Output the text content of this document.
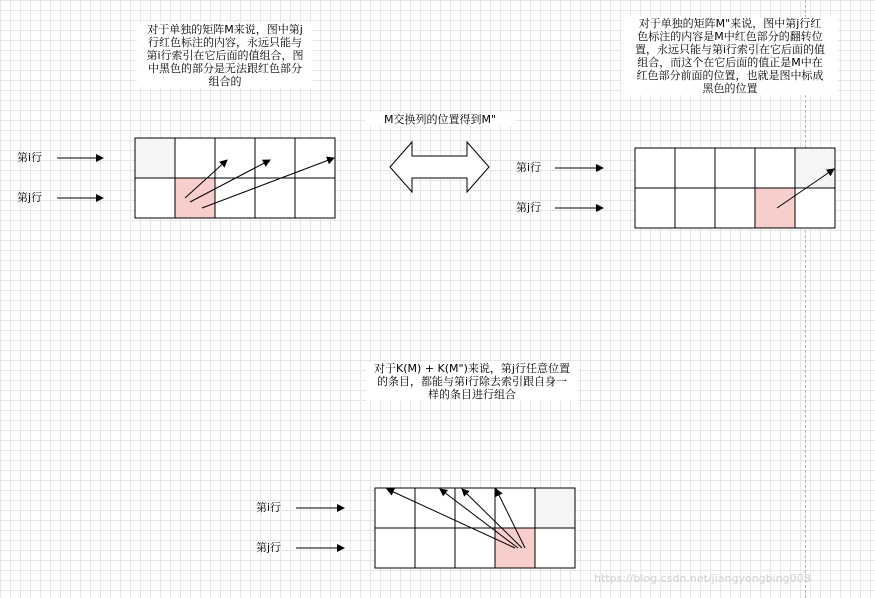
对于单独的矩阵M来说，图中第j
行红色标注的内容，永远只能与
第i行索引在它后面的值组合，图
中黑色的部分是无法跟红色部分
组合的
M交换列的位置得到M"
对于单独的矩阵M"来说，图中第j行红
色标注的内容是M中红色部分的翻转位
置，永远只能与第i行索引在它后面的值
组合，而这个在它后面的值正是M中在
红色部分前面的位置，也就是图中标成
黑色的位置
对于K(M) + K(M")来说，第j行任意位置
的条目，都能与第i行除去索引跟自身一
样的条目进行组合
第i行
第j行
第i行
第j行
第i行
第j行
https://blog.csdn.net/jiangyongbing008
